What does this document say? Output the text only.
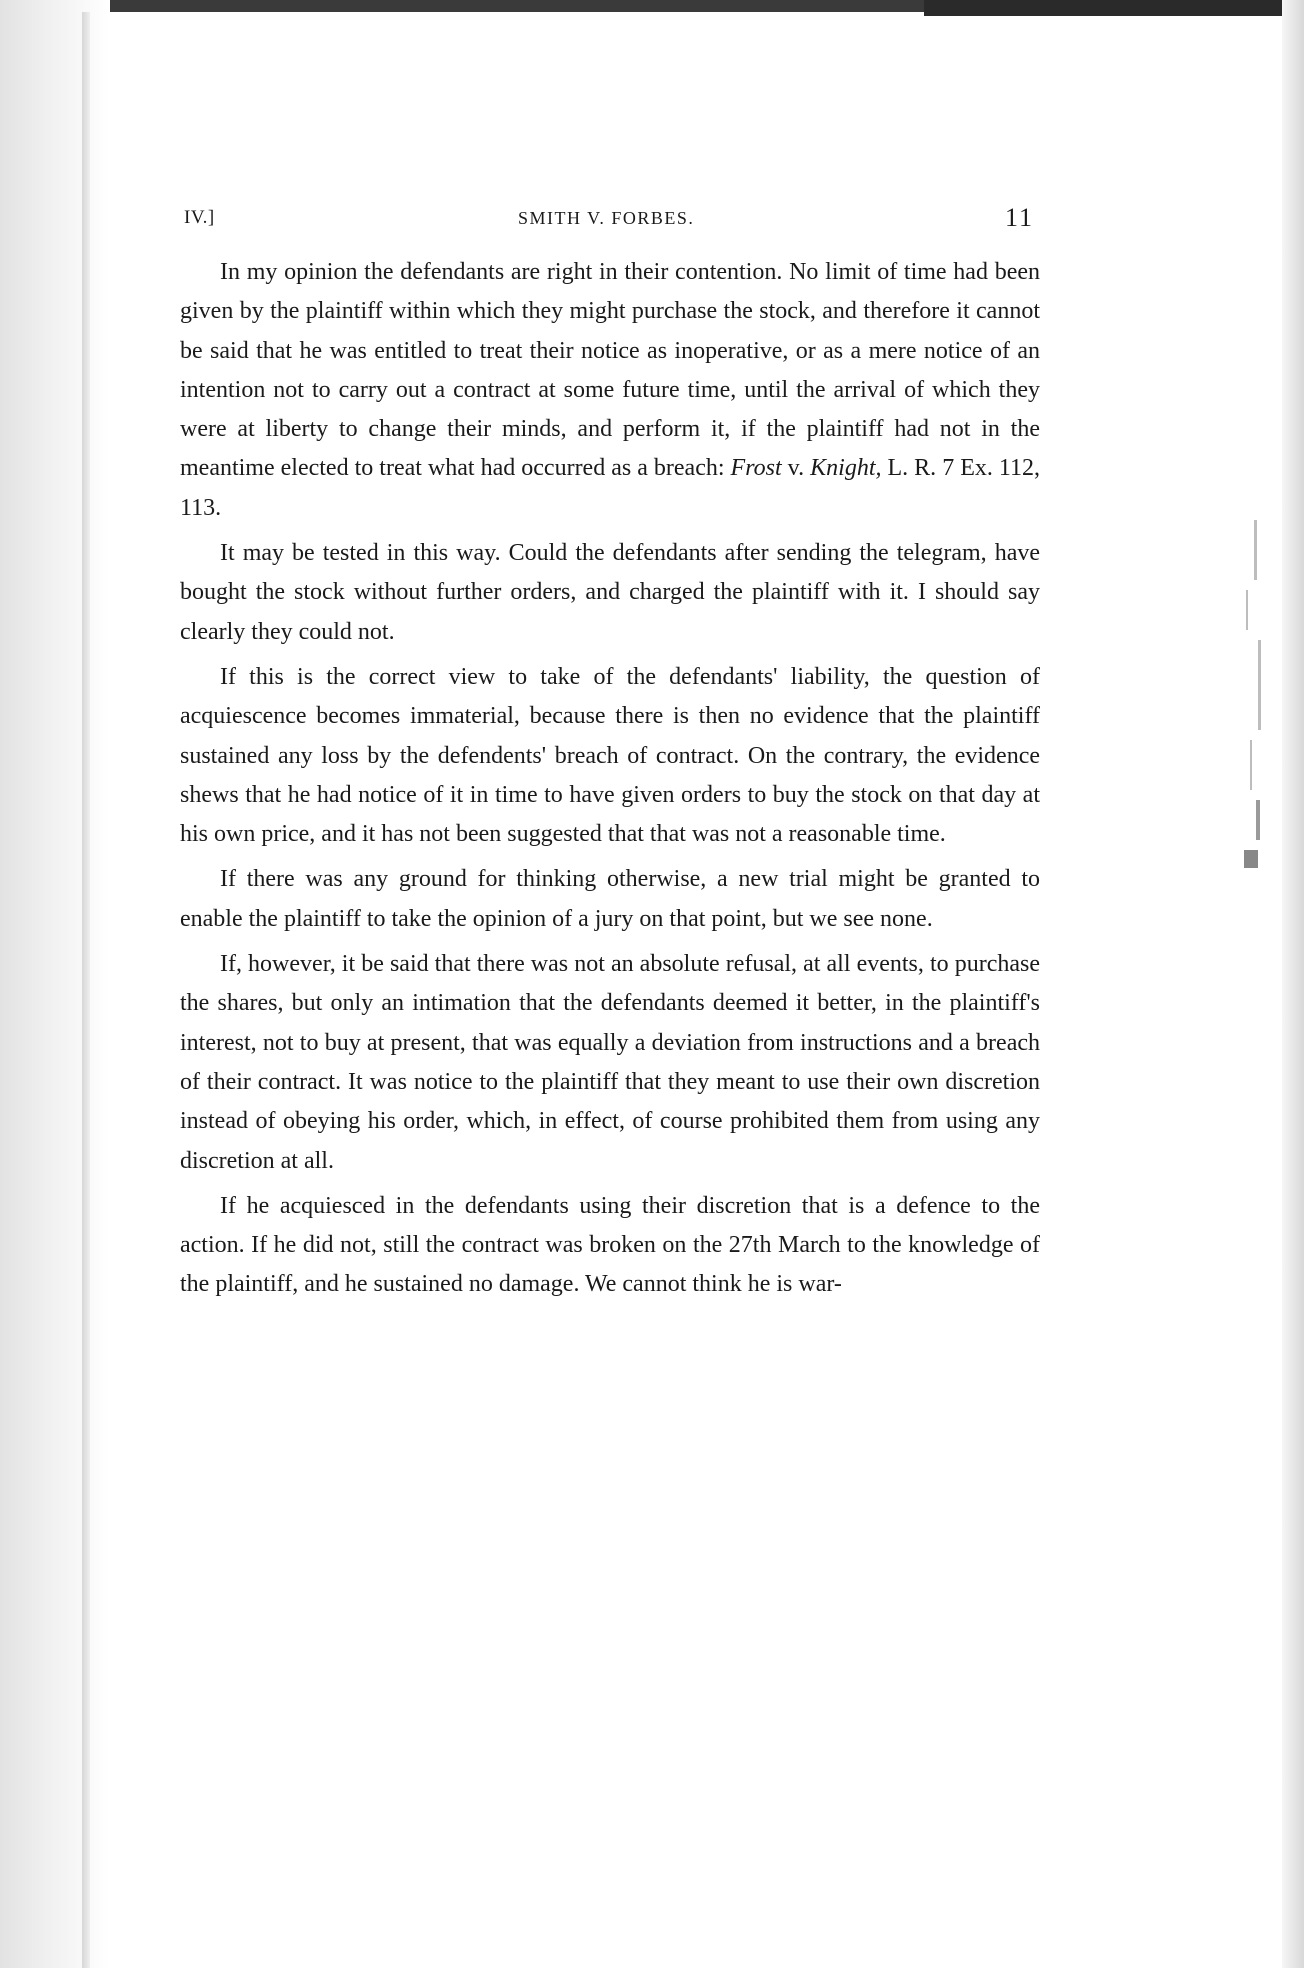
IV.]	SMITH V. FORBES.	11

In my opinion the defendants are right in their contention. No limit of time had been given by the plaintiff within which they might purchase the stock, and therefore it cannot be said that he was entitled to treat their notice as inoperative, or as a mere notice of an intention not to carry out a contract at some future time, until the arrival of which they were at liberty to change their minds, and perform it, if the plaintiff had not in the meantime elected to treat what had occurred as a breach: Frost v. Knight, L. R. 7 Ex. 112, 113.

It may be tested in this way. Could the defendants after sending the telegram, have bought the stock without further orders, and charged the plaintiff with it. I should say clearly they could not.

If this is the correct view to take of the defendants' liability, the question of acquiescence becomes immaterial, because there is then no evidence that the plaintiff sustained any loss by the defendents' breach of contract. On the contrary, the evidence shews that he had notice of it in time to have given orders to buy the stock on that day at his own price, and it has not been suggested that that was not a reasonable time.

If there was any ground for thinking otherwise, a new trial might be granted to enable the plaintiff to take the opinion of a jury on that point, but we see none.

If, however, it be said that there was not an absolute refusal, at all events, to purchase the shares, but only an intimation that the defendants deemed it better, in the plaintiff's interest, not to buy at present, that was equally a deviation from instructions and a breach of their contract. It was notice to the plaintiff that they meant to use their own discretion instead of obeying his order, which, in effect, of course prohibited them from using any discretion at all.

If he acquiesced in the defendants using their discretion that is a defence to the action. If he did not, still the contract was broken on the 27th March to the knowledge of the plaintiff, and he sustained no damage. We cannot think he is war-
